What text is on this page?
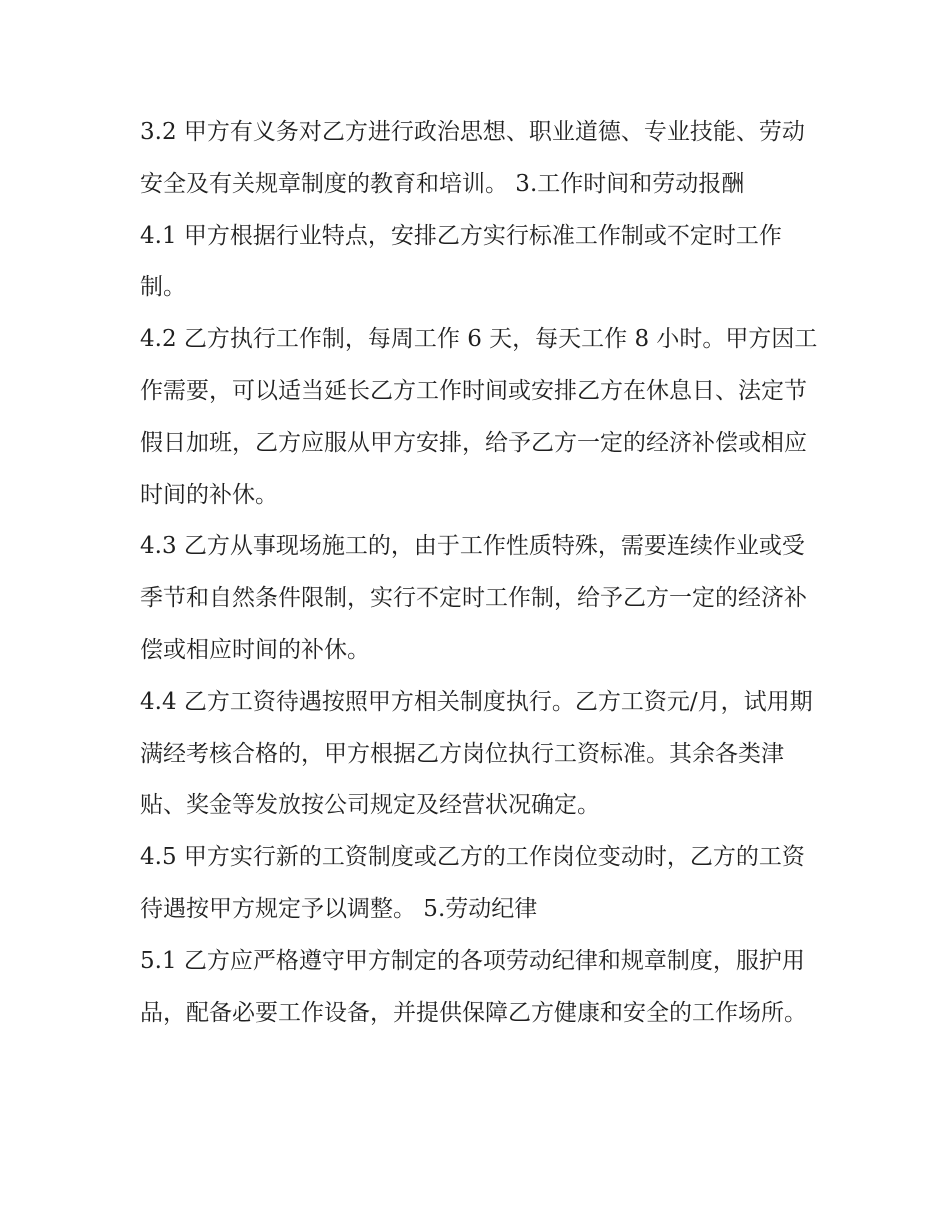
3.2 甲方有义务对乙方进行政治思想、职业道德、专业技能、劳动安全及有关规章制度的教育和培训。 3.工作时间和劳动报酬

4.1 甲方根据行业特点，安排乙方实行标准工作制或不定时工作制。

4.2 乙方执行工作制，每周工作 6 天，每天工作 8 小时。甲方因工作需要，可以适当延长乙方工作时间或安排乙方在休息日、法定节假日加班，乙方应服从甲方安排，给予乙方一定的经济补偿或相应时间的补休。

4.3 乙方从事现场施工的，由于工作性质特殊，需要连续作业或受季节和自然条件限制，实行不定时工作制，给予乙方一定的经济补偿或相应时间的补休。

4.4 乙方工资待遇按照甲方相关制度执行。乙方工资元/月，试用期满经考核合格的，甲方根据乙方岗位执行工资标准。其余各类津贴、奖金等发放按公司规定及经营状况确定。

4.5 甲方实行新的工资制度或乙方的工作岗位变动时，乙方的工资待遇按甲方规定予以调整。 5.劳动纪律

5.1 乙方应严格遵守甲方制定的各项劳动纪律和规章制度，服护用品，配备必要工作设备，并提供保障乙方健康和安全的工作场所。
